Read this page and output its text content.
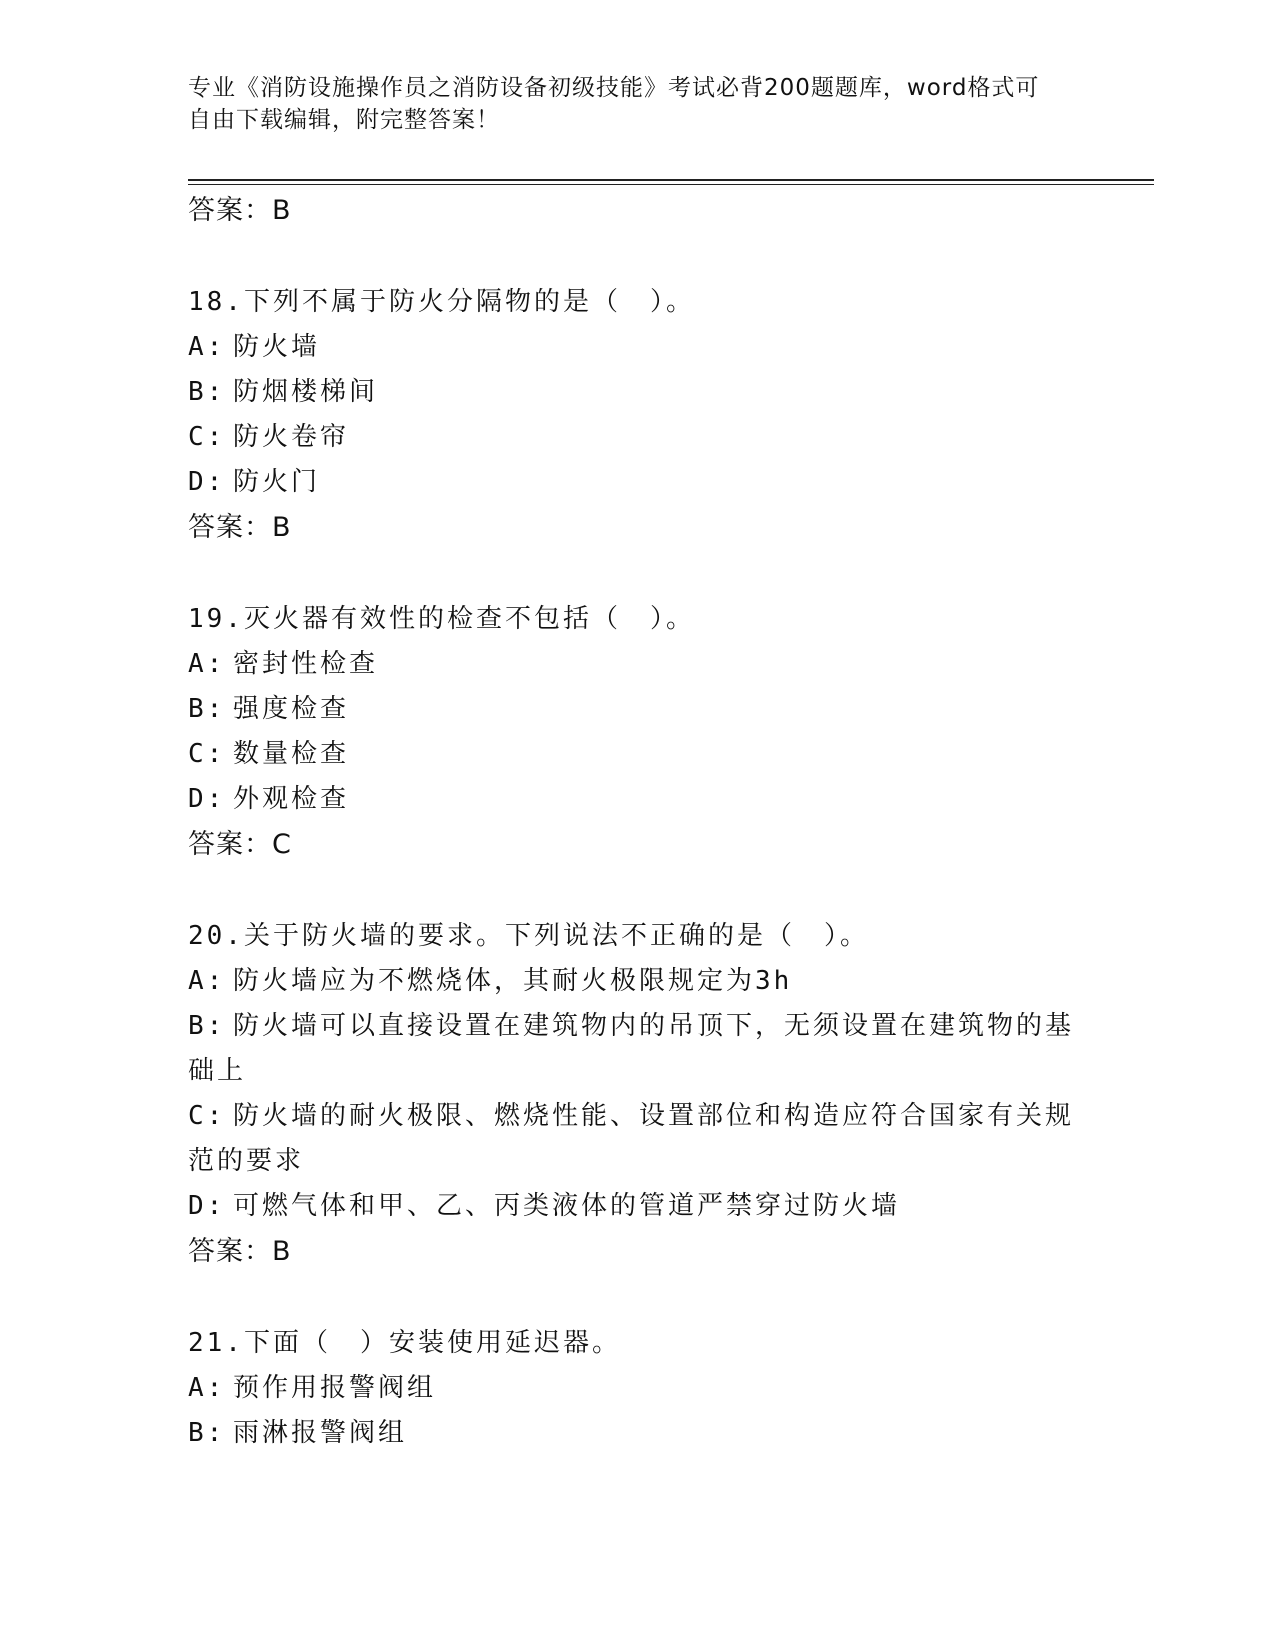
专业《消防设施操作员之消防设备初级技能》考试必背200题题库，word格式可
自由下载编辑，附完整答案！
答案：B
18.下列不属于防火分隔物的是（　）。
A: 防火墙
B: 防烟楼梯间
C: 防火卷帘
D: 防火门
答案：B
19.灭火器有效性的检查不包括（　）。
A: 密封性检查
B: 强度检查
C: 数量检查
D: 外观检查
答案：C
20.关于防火墙的要求。下列说法不正确的是（　）。
A: 防火墙应为不燃烧体，其耐火极限规定为3h
B: 防火墙可以直接设置在建筑物内的吊顶下，无须设置在建筑物的基
础上
C: 防火墙的耐火极限、燃烧性能、设置部位和构造应符合国家有关规
范的要求
D: 可燃气体和甲、乙、丙类液体的管道严禁穿过防火墙
答案：B
21.下面（　）安装使用延迟器。
A: 预作用报警阀组
B: 雨淋报警阀组
